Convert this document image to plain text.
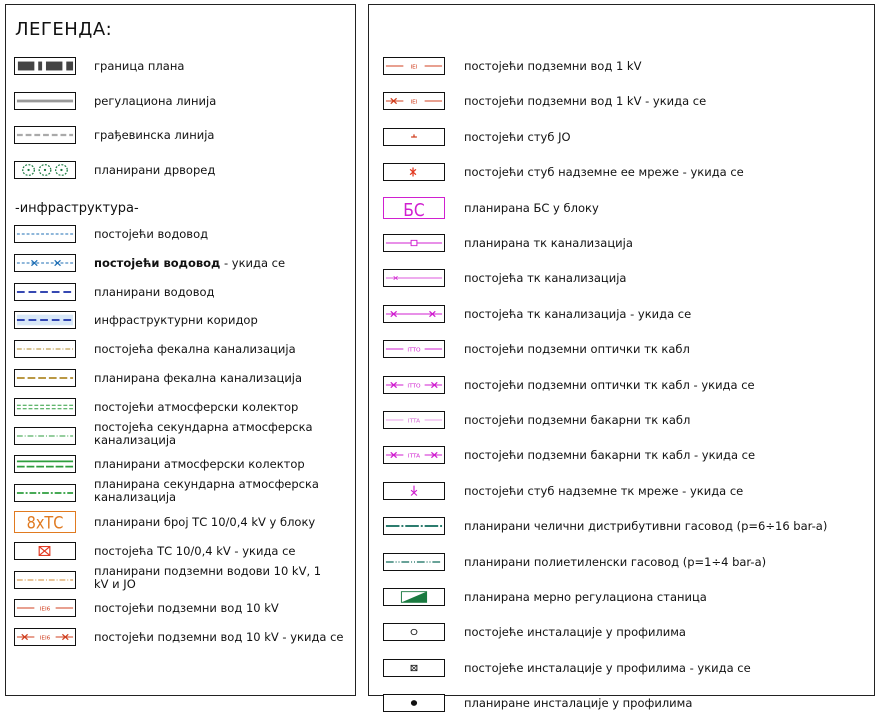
ЛЕГЕНДА:
-инфраструктура-
граница плана
регулациона линија
грађевинска линија
планирани дрворед
постојећи водовод
постојећи водовод - укида се
планирани водовод
инфраструктурни коридор
постојећа фекална канализација
планирана фекална канализација
постојећи атмосферски колектор
постојећа секундарна атмосферска канализација
планирани атмосферски колектор
планирана секундарна атмосферска канализација
8xТС	планирани број ТС 10/0,4 kV у блоку
постојећа ТС 10/0,4 kV - укида се
планирани подземни водови 10 kV, 1 kV и ЈО
IEI6	постојећи подземни вод 10 kV
IEI6	постојећи подземни вод 10 kV - укида се
IEI	постојећи подземни вод 1 kV
IEI	постојећи подземни вод 1 kV - укида се
постојећи стуб ЈО
постојећи стуб надземне ее мреже - укида се
БС	планирана БС у блоку
планирана тк канализација
постојећа тк канализација
постојећа тк канализација - укида се
ITTO	постојећи подземни оптички тк кабл
ITTO	постојећи подземни оптички тк кабл - укида се
ITTA	постојећи подземни бакарни тк кабл
ITTA	постојећи подземни бакарни тк кабл - укида се
постојећи стуб надземне тк мреже - укида се
планирани челични дистрибутивни гасовод (p=6÷16 bar-a)
планирани полиетиленски гасовод (p=1÷4 bar-a)
планирана мерно регулациона станица
постојеће инсталације у профилима
постојеће инсталације у профилима - укида се
планиране инсталације у профилима
